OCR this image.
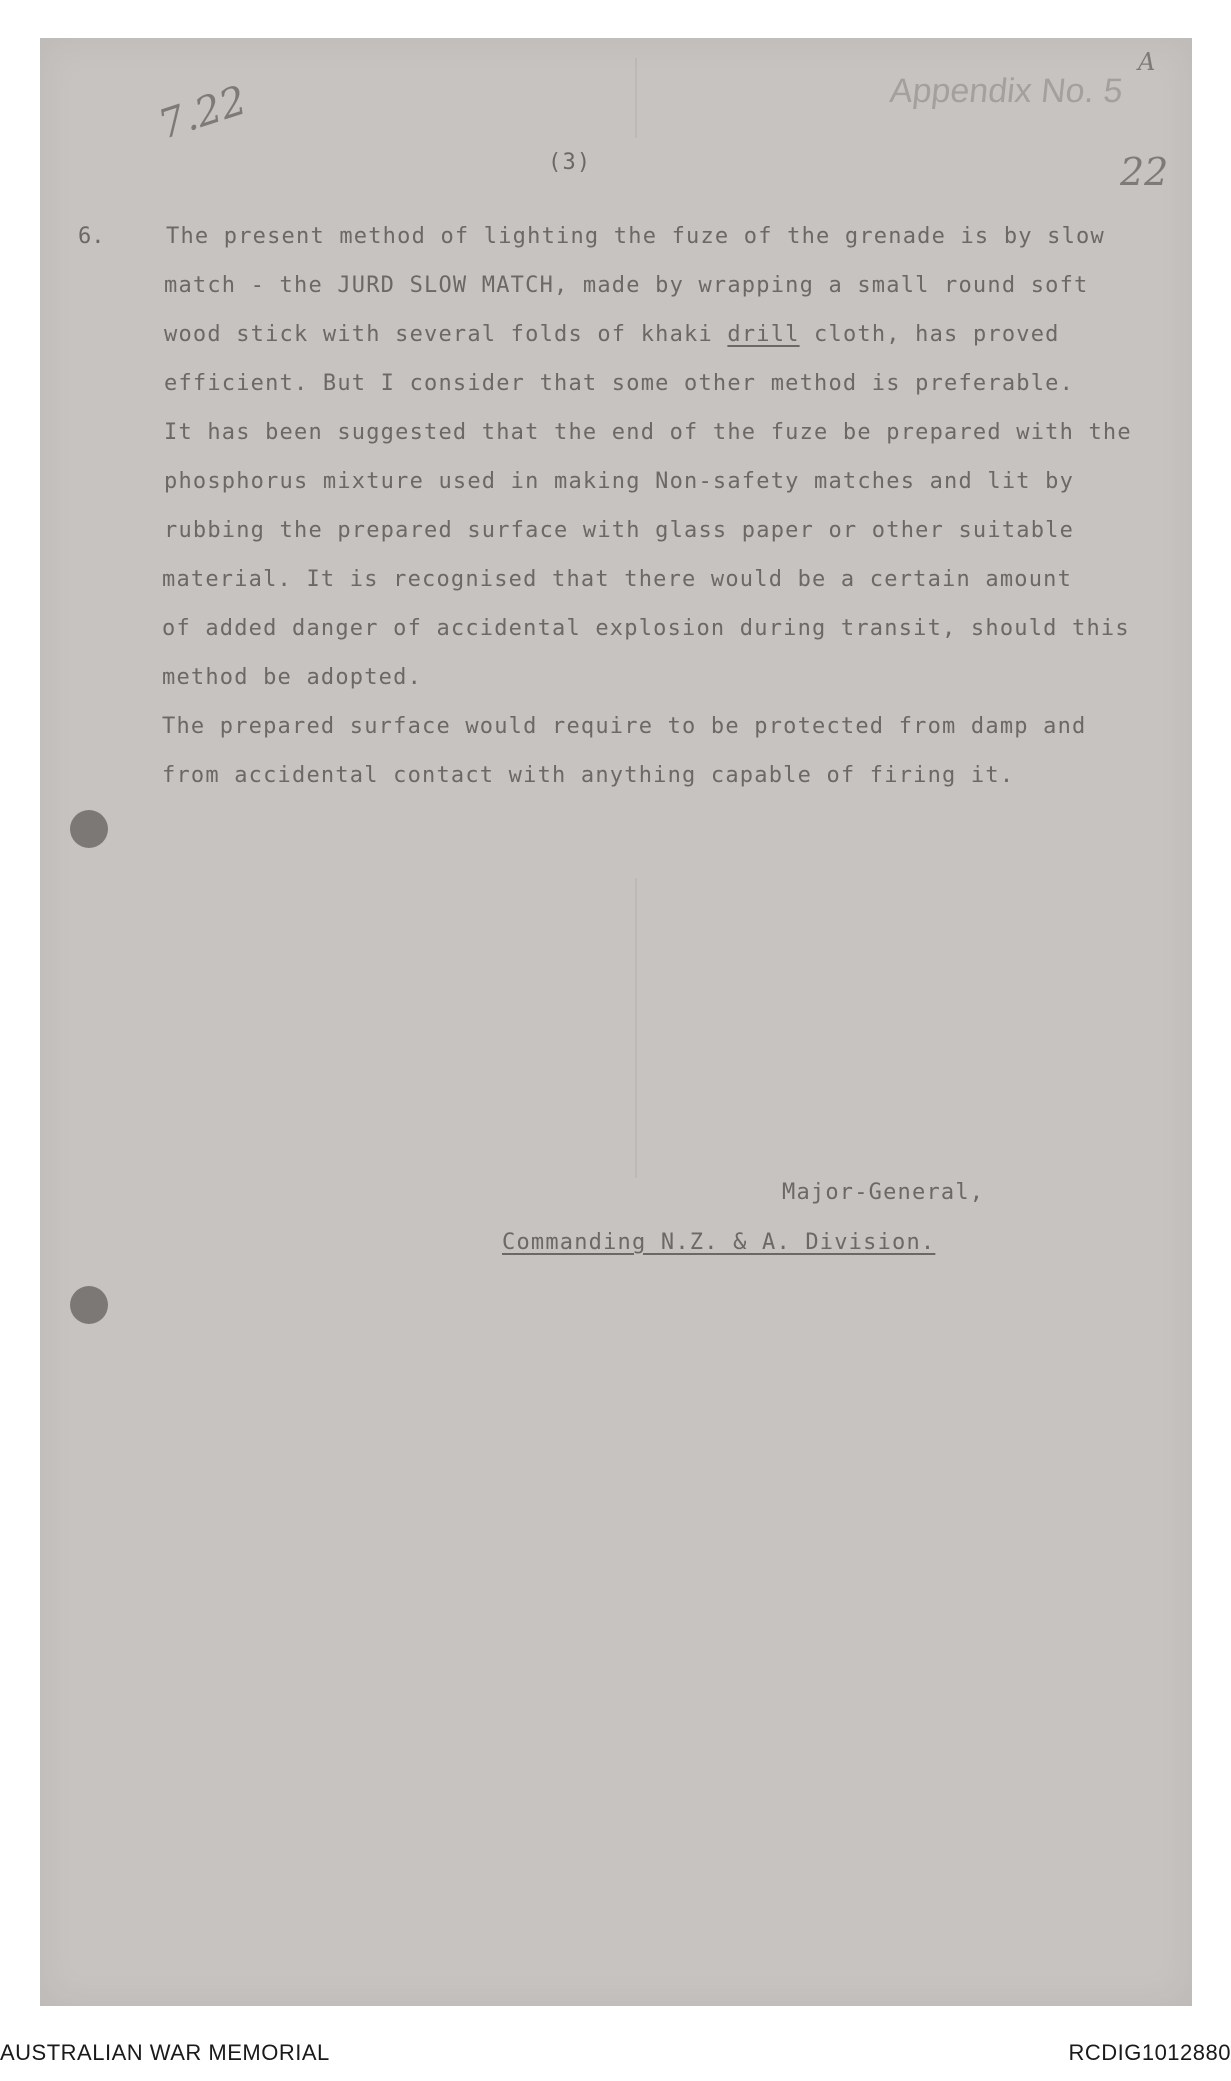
7.22	Appendix No. 5
A
22
(3)
6.	The present method of lighting the fuze of the grenade is by slow
match - the JURD SLOW MATCH, made by wrapping a small round soft
wood stick with several folds of khaki drill cloth, has proved
efficient. But I consider that some other method is preferable.
It has been suggested that the end of the fuze be prepared with the
phosphorus mixture used in making Non-safety matches and lit by
rubbing the prepared surface with glass paper or other suitable
material. It is recognised that there would be a certain amount
of added danger of accidental explosion during transit, should this
method be adopted.
The prepared surface would require to be protected from damp and
from accidental contact with anything capable of firing it.
Major-General,
Commanding N.Z. & A. Division.
AUSTRALIAN WAR MEMORIAL	RCDIG1012880
